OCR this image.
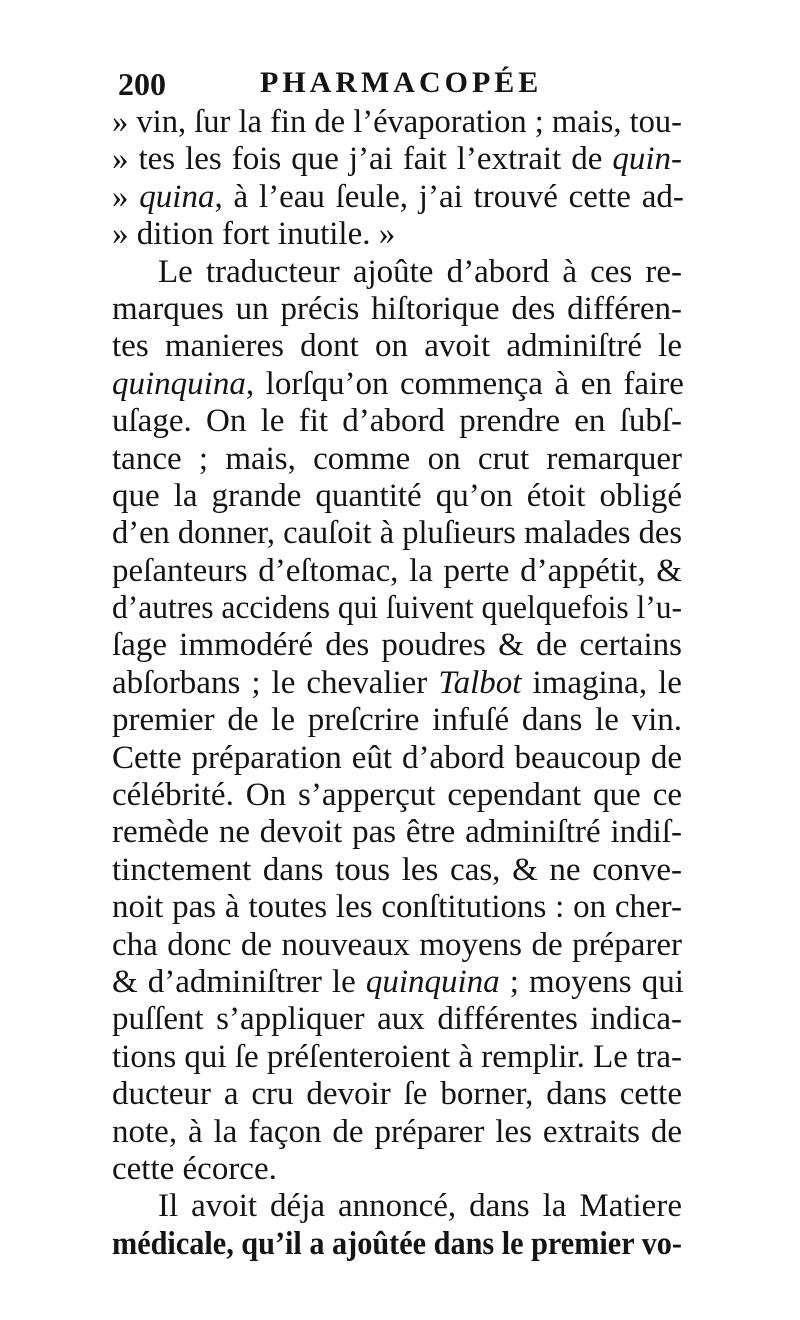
200	PHARMACOPÉE
» vin, ſur la fin de l’évaporation ; mais, tou-
» tes les fois que j’ai fait l’extrait de quin-
» quina, à l’eau ſeule, j’ai trouvé cette ad-
» dition fort inutile. »
Le traducteur ajoûte d’abord à ces re-
marques un précis hiſtorique des différen-
tes manieres dont on avoit adminiſtré le
quinquina, lorſqu’on commença à en faire
uſage. On le fit d’abord prendre en ſubſ-
tance ; mais, comme on crut remarquer
que la grande quantité qu’on étoit obligé
d’en donner, cauſoit à pluſieurs malades des
peſanteurs d’eſtomac, la perte d’appétit, &
d’autres accidens qui ſuivent quelquefois l’u-
ſage immodéré des poudres & de certains
abſorbans ; le chevalier Talbot imagina, le
premier de le preſcrire infuſé dans le vin.
Cette préparation eût d’abord beaucoup de
célébrité. On s’apperçut cependant que ce
remède ne devoit pas être adminiſtré indiſ-
tinctement dans tous les cas, & ne conve-
noit pas à toutes les conſtitutions : on cher-
cha donc de nouveaux moyens de préparer
& d’adminiſtrer le quinquina ; moyens qui
puſſent s’appliquer aux différentes indica-
tions qui ſe préſenteroient à remplir. Le tra-
ducteur a cru devoir ſe borner, dans cette
note, à la façon de préparer les extraits de
cette écorce.
Il avoit déja annoncé, dans la Matiere
médicale, qu’il a ajoûtée dans le premier vo-
